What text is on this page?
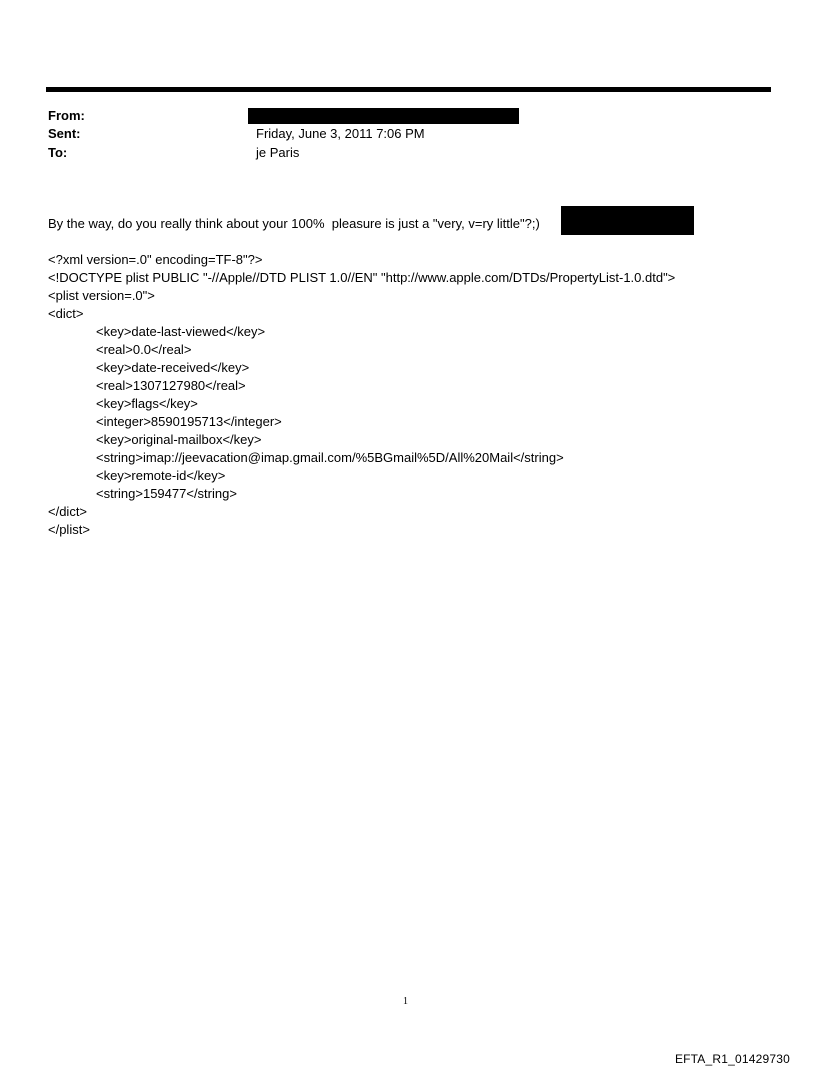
From:
Sent:	Friday, June 3, 2011 7:06 PM
To:	je Paris
By the way, do you really think about your 100%  pleasure is just a "very, v=ry little"?;)
<?xml version=.0" encoding=TF-8"?>
<!DOCTYPE plist PUBLIC "-//Apple//DTD PLIST 1.0//EN" "http://www.apple.com/DTDs/PropertyList-1.0.dtd">
<plist version=.0">
<dict>
<key>date-last-viewed</key>
<real>0.0</real>
<key>date-received</key>
<real>1307127980</real>
<key>flags</key>
<integer>8590195713</integer>
<key>original-mailbox</key>
<string>imap://jeevacation@imap.gmail.com/%5BGmail%5D/All%20Mail</string>
<key>remote-id</key>
<string>159477</string>
</dict>
</plist>
1
EFTA_R1_01429730
